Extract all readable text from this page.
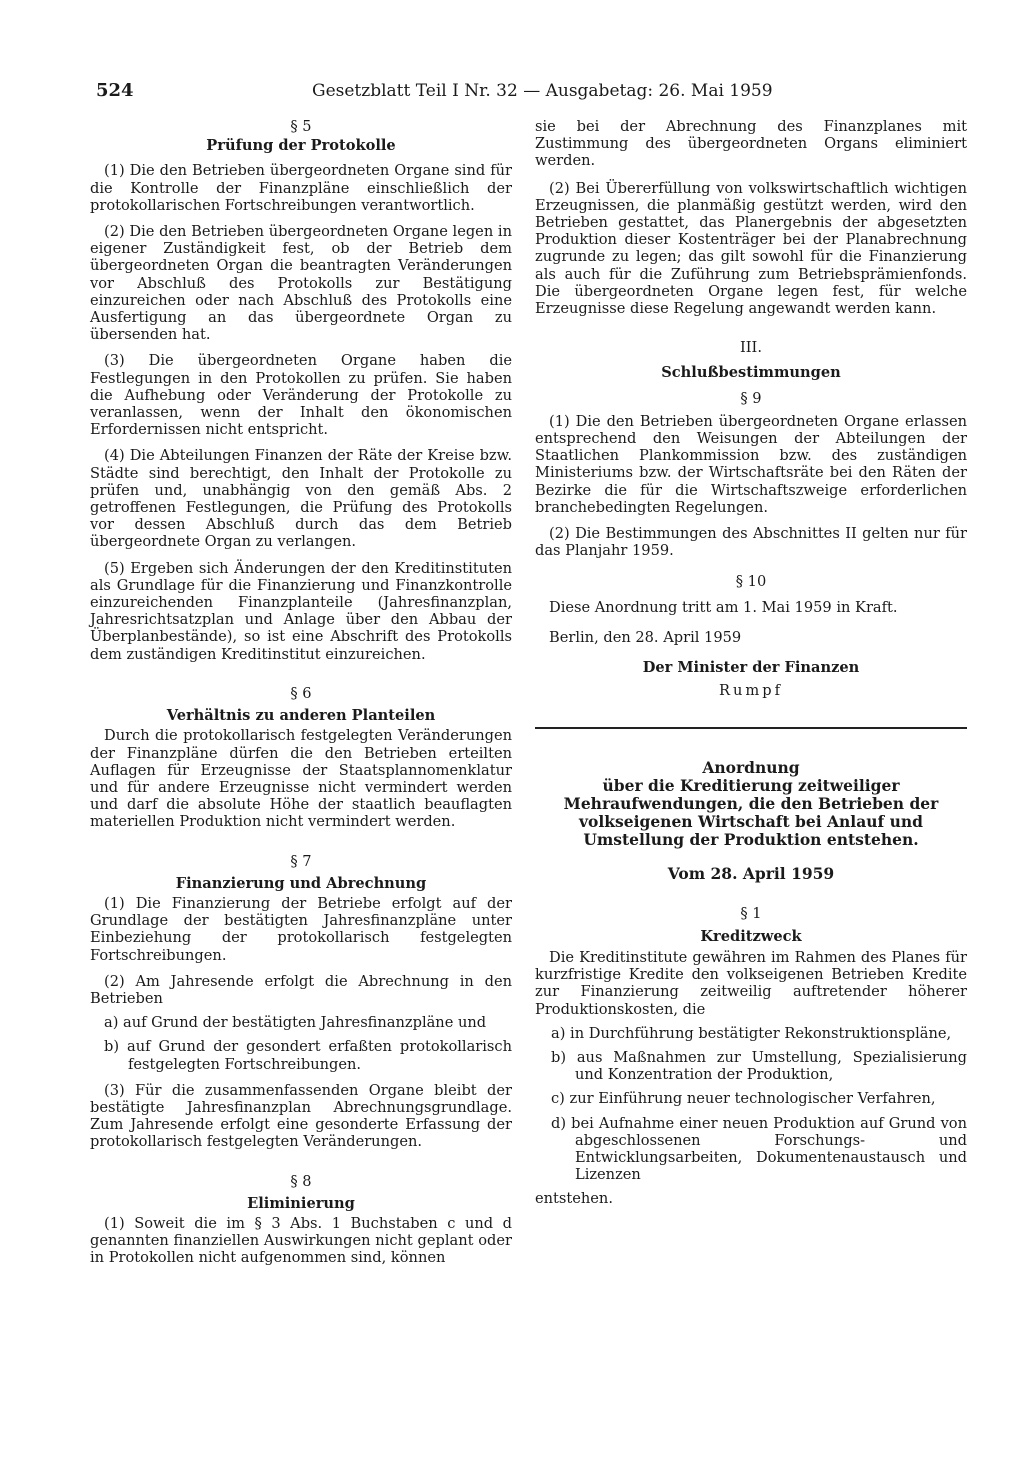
524	Gesetzblatt Teil I Nr. 32 — Ausgabetag: 26. Mai 1959

§ 5

Prüfung der Protokolle

(1) Die den Betrieben übergeordneten Organe sind für die Kontrolle der Finanzpläne einschließlich der protokollarischen Fortschreibungen verantwortlich.

(2) Die den Betrieben übergeordneten Organe legen in eigener Zuständigkeit fest, ob der Betrieb dem übergeordneten Organ die beantragten Veränderungen vor Abschluß des Protokolls zur Bestätigung einzureichen oder nach Abschluß des Protokolls eine Ausfertigung an das übergeordnete Organ zu übersenden hat.

(3) Die übergeordneten Organe haben die Festlegungen in den Protokollen zu prüfen. Sie haben die Aufhebung oder Veränderung der Protokolle zu veranlassen, wenn der Inhalt den ökonomischen Erfordernissen nicht entspricht.

(4) Die Abteilungen Finanzen der Räte der Kreise bzw. Städte sind berechtigt, den Inhalt der Protokolle zu prüfen und, unabhängig von den gemäß Abs. 2 getroffenen Festlegungen, die Prüfung des Protokolls vor dessen Abschluß durch das dem Betrieb übergeordnete Organ zu verlangen.

(5) Ergeben sich Änderungen der den Kreditinstituten als Grundlage für die Finanzierung und Finanzkontrolle einzureichenden Finanzplanteile (Jahresfinanzplan, Jahresrichtsatzplan und Anlage über den Abbau der Überplanbestände), so ist eine Abschrift des Protokolls dem zuständigen Kreditinstitut einzureichen.

§ 6

Verhältnis zu anderen Planteilen

Durch die protokollarisch festgelegten Veränderungen der Finanzpläne dürfen die den Betrieben erteilten Auflagen für Erzeugnisse der Staatsplannomenklatur und für andere Erzeugnisse nicht vermindert werden und darf die absolute Höhe der staatlich beauflagten materiellen Produktion nicht vermindert werden.

§ 7

Finanzierung und Abrechnung

(1) Die Finanzierung der Betriebe erfolgt auf der Grundlage der bestätigten Jahresfinanzpläne unter Einbeziehung der protokollarisch festgelegten Fortschreibungen.

(2) Am Jahresende erfolgt die Abrechnung in den Betrieben

a) auf Grund der bestätigten Jahresfinanzpläne und

b) auf Grund der gesondert erfaßten protokollarisch festgelegten Fortschreibungen.

(3) Für die zusammenfassenden Organe bleibt der bestätigte Jahresfinanzplan Abrechnungsgrundlage. Zum Jahresende erfolgt eine gesonderte Erfassung der protokollarisch festgelegten Veränderungen.

§ 8

Eliminierung

(1) Soweit die im § 3 Abs. 1 Buchstaben c und d genannten finanziellen Auswirkungen nicht geplant oder in Protokollen nicht aufgenommen sind, können

sie bei der Abrechnung des Finanzplanes mit Zustimmung des übergeordneten Organs eliminiert werden.

(2) Bei Übererfüllung von volkswirtschaftlich wichtigen Erzeugnissen, die planmäßig gestützt werden, wird den Betrieben gestattet, das Planergebnis der abgesetzten Produktion dieser Kostenträger bei der Planabrechnung zugrunde zu legen; das gilt sowohl für die Finanzierung als auch für die Zuführung zum Betriebsprämienfonds. Die übergeordneten Organe legen fest, für welche Erzeugnisse diese Regelung angewandt werden kann.

III.

Schlußbestimmungen

§ 9

(1) Die den Betrieben übergeordneten Organe erlassen entsprechend den Weisungen der Abteilungen der Staatlichen Plankommission bzw. des zuständigen Ministeriums bzw. der Wirtschaftsräte bei den Räten der Bezirke die für die Wirtschaftszweige erforderlichen branchebedingten Regelungen.

(2) Die Bestimmungen des Abschnittes II gelten nur für das Planjahr 1959.

§ 10

Diese Anordnung tritt am 1. Mai 1959 in Kraft.

Berlin, den 28. April 1959

Der Minister der Finanzen

Rumpf

Anordnung

über die Kreditierung zeitweiliger Mehraufwendungen, die den Betrieben der volkseigenen Wirtschaft bei Anlauf und Umstellung der Produktion entstehen.

Vom 28. April 1959

§ 1

Kreditzweck

Die Kreditinstitute gewähren im Rahmen des Planes für kurzfristige Kredite den volkseigenen Betrieben Kredite zur Finanzierung zeitweilig auftretender höherer Produktionskosten, die

a) in Durchführung bestätigter Rekonstruktionspläne,

b) aus Maßnahmen zur Umstellung, Spezialisierung und Konzentration der Produktion,

c) zur Einführung neuer technologischer Verfahren,

d) bei Aufnahme einer neuen Produktion auf Grund von abgeschlossenen Forschungs- und Entwicklungsarbeiten, Dokumentenaustausch und Lizenzen

entstehen.
